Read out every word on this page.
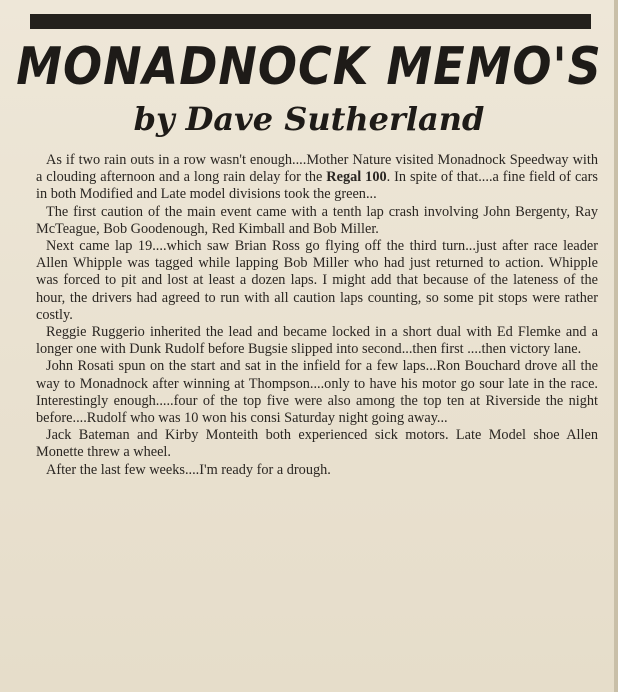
MONADNOCK MEMO'S
by Dave Sutherland

As if two rain outs in a row wasn't enough....Mother Nature visited Monadnock Speedway with a clouding afternoon and a long rain delay for the Regal 100. In spite of that....a fine field of cars in both Modified and Late model divisions took the green...

The first caution of the main event came with a tenth lap crash involving John Bergenty, Ray McTeague, Bob Goodenough, Red Kimball and Bob Miller.

Next came lap 19....which saw Brian Ross go flying off the third turn...just after race leader Allen Whipple was tagged while lapping Bob Miller who had just returned to action. Whipple was forced to pit and lost at least a dozen laps. I might add that because of the lateness of the hour, the drivers had agreed to run with all caution laps counting, so some pit stops were rather costly.

Reggie Ruggerio inherited the lead and became locked in a short dual with Ed Flemke and a longer one with Dunk Rudolf before Bugsie slipped into second...then first ....then victory lane.

John Rosati spun on the start and sat in the infield for a few laps...Ron Bouchard drove all the way to Monadnock after winning at Thompson....only to have his motor go sour late in the race. Interestingly enough.....four of the top five were also among the top ten at Riverside the night before....Rudolf who was 10 won his consi Saturday night going away...

Jack Bateman and Kirby Monteith both experienced sick motors. Late Model shoe Allen Monette threw a wheel.

After the last few weeks....I'm ready for a drough.
